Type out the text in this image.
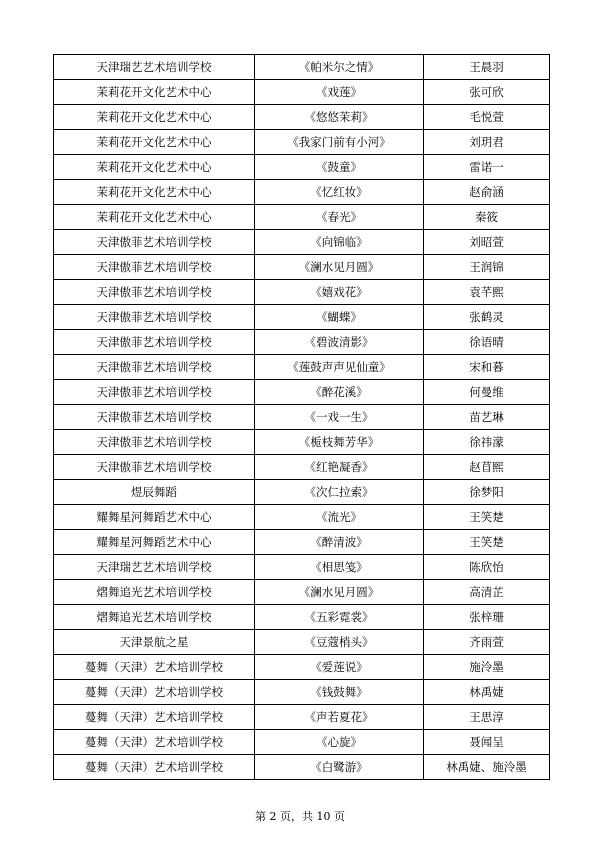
天津瑞艺艺术培训学校	《帕米尔之情》	王晨羽
茉莉花开文化艺术中心	《戏莲》	张可欣
茉莉花开文化艺术中心	《悠悠茉莉》	毛悦萱
茉莉花开文化艺术中心	《我家门前有小河》	刘玥君
茉莉花开文化艺术中心	《鼓童》	雷诺一
茉莉花开文化艺术中心	《忆红妆》	赵俞涵
茉莉花开文化艺术中心	《春光》	秦筱
天津傲菲艺术培训学校	《向锦临》	刘昭萱
天津傲菲艺术培训学校	《澜水见月圆》	王润锦
天津傲菲艺术培训学校	《嬉戏花》	袁芊熙
天津傲菲艺术培训学校	《蝴蝶》	张鹤灵
天津傲菲艺术培训学校	《碧波清影》	徐语晴
天津傲菲艺术培训学校	《莲鼓声声见仙童》	宋和暮
天津傲菲艺术培训学校	《醉花溪》	何曼维
天津傲菲艺术培训学校	《一戏一生》	苗艺琳
天津傲菲艺术培训学校	《栀枝舞芳华》	徐祎濛
天津傲菲艺术培训学校	《红艳凝香》	赵苜熙
煜辰舞蹈	《次仁拉索》	徐梦阳
耀舞星河舞蹈艺术中心	《流光》	王笑楚
耀舞星河舞蹈艺术中心	《醉清波》	王笑楚
天津瑞艺艺术培训学校	《相思笺》	陈欣怡
熠舞追光艺术培训学校	《澜水见月圆》	高清芷
熠舞追光艺术培训学校	《五彩霓裳》	张梓珊
天津景航之星	《豆蔻梢头》	齐雨萱
蔓舞（天津）艺术培训学校	《爱莲说》	施泠墨
蔓舞（天津）艺术培训学校	《钱鼓舞》	林禹婕
蔓舞（天津）艺术培训学校	《声若夏花》	王思淳
蔓舞（天津）艺术培训学校	《心旋》	聂闻呈
蔓舞（天津）艺术培训学校	《白鹭游》	林禹婕、施泠墨
第 2 页，共 10 页
